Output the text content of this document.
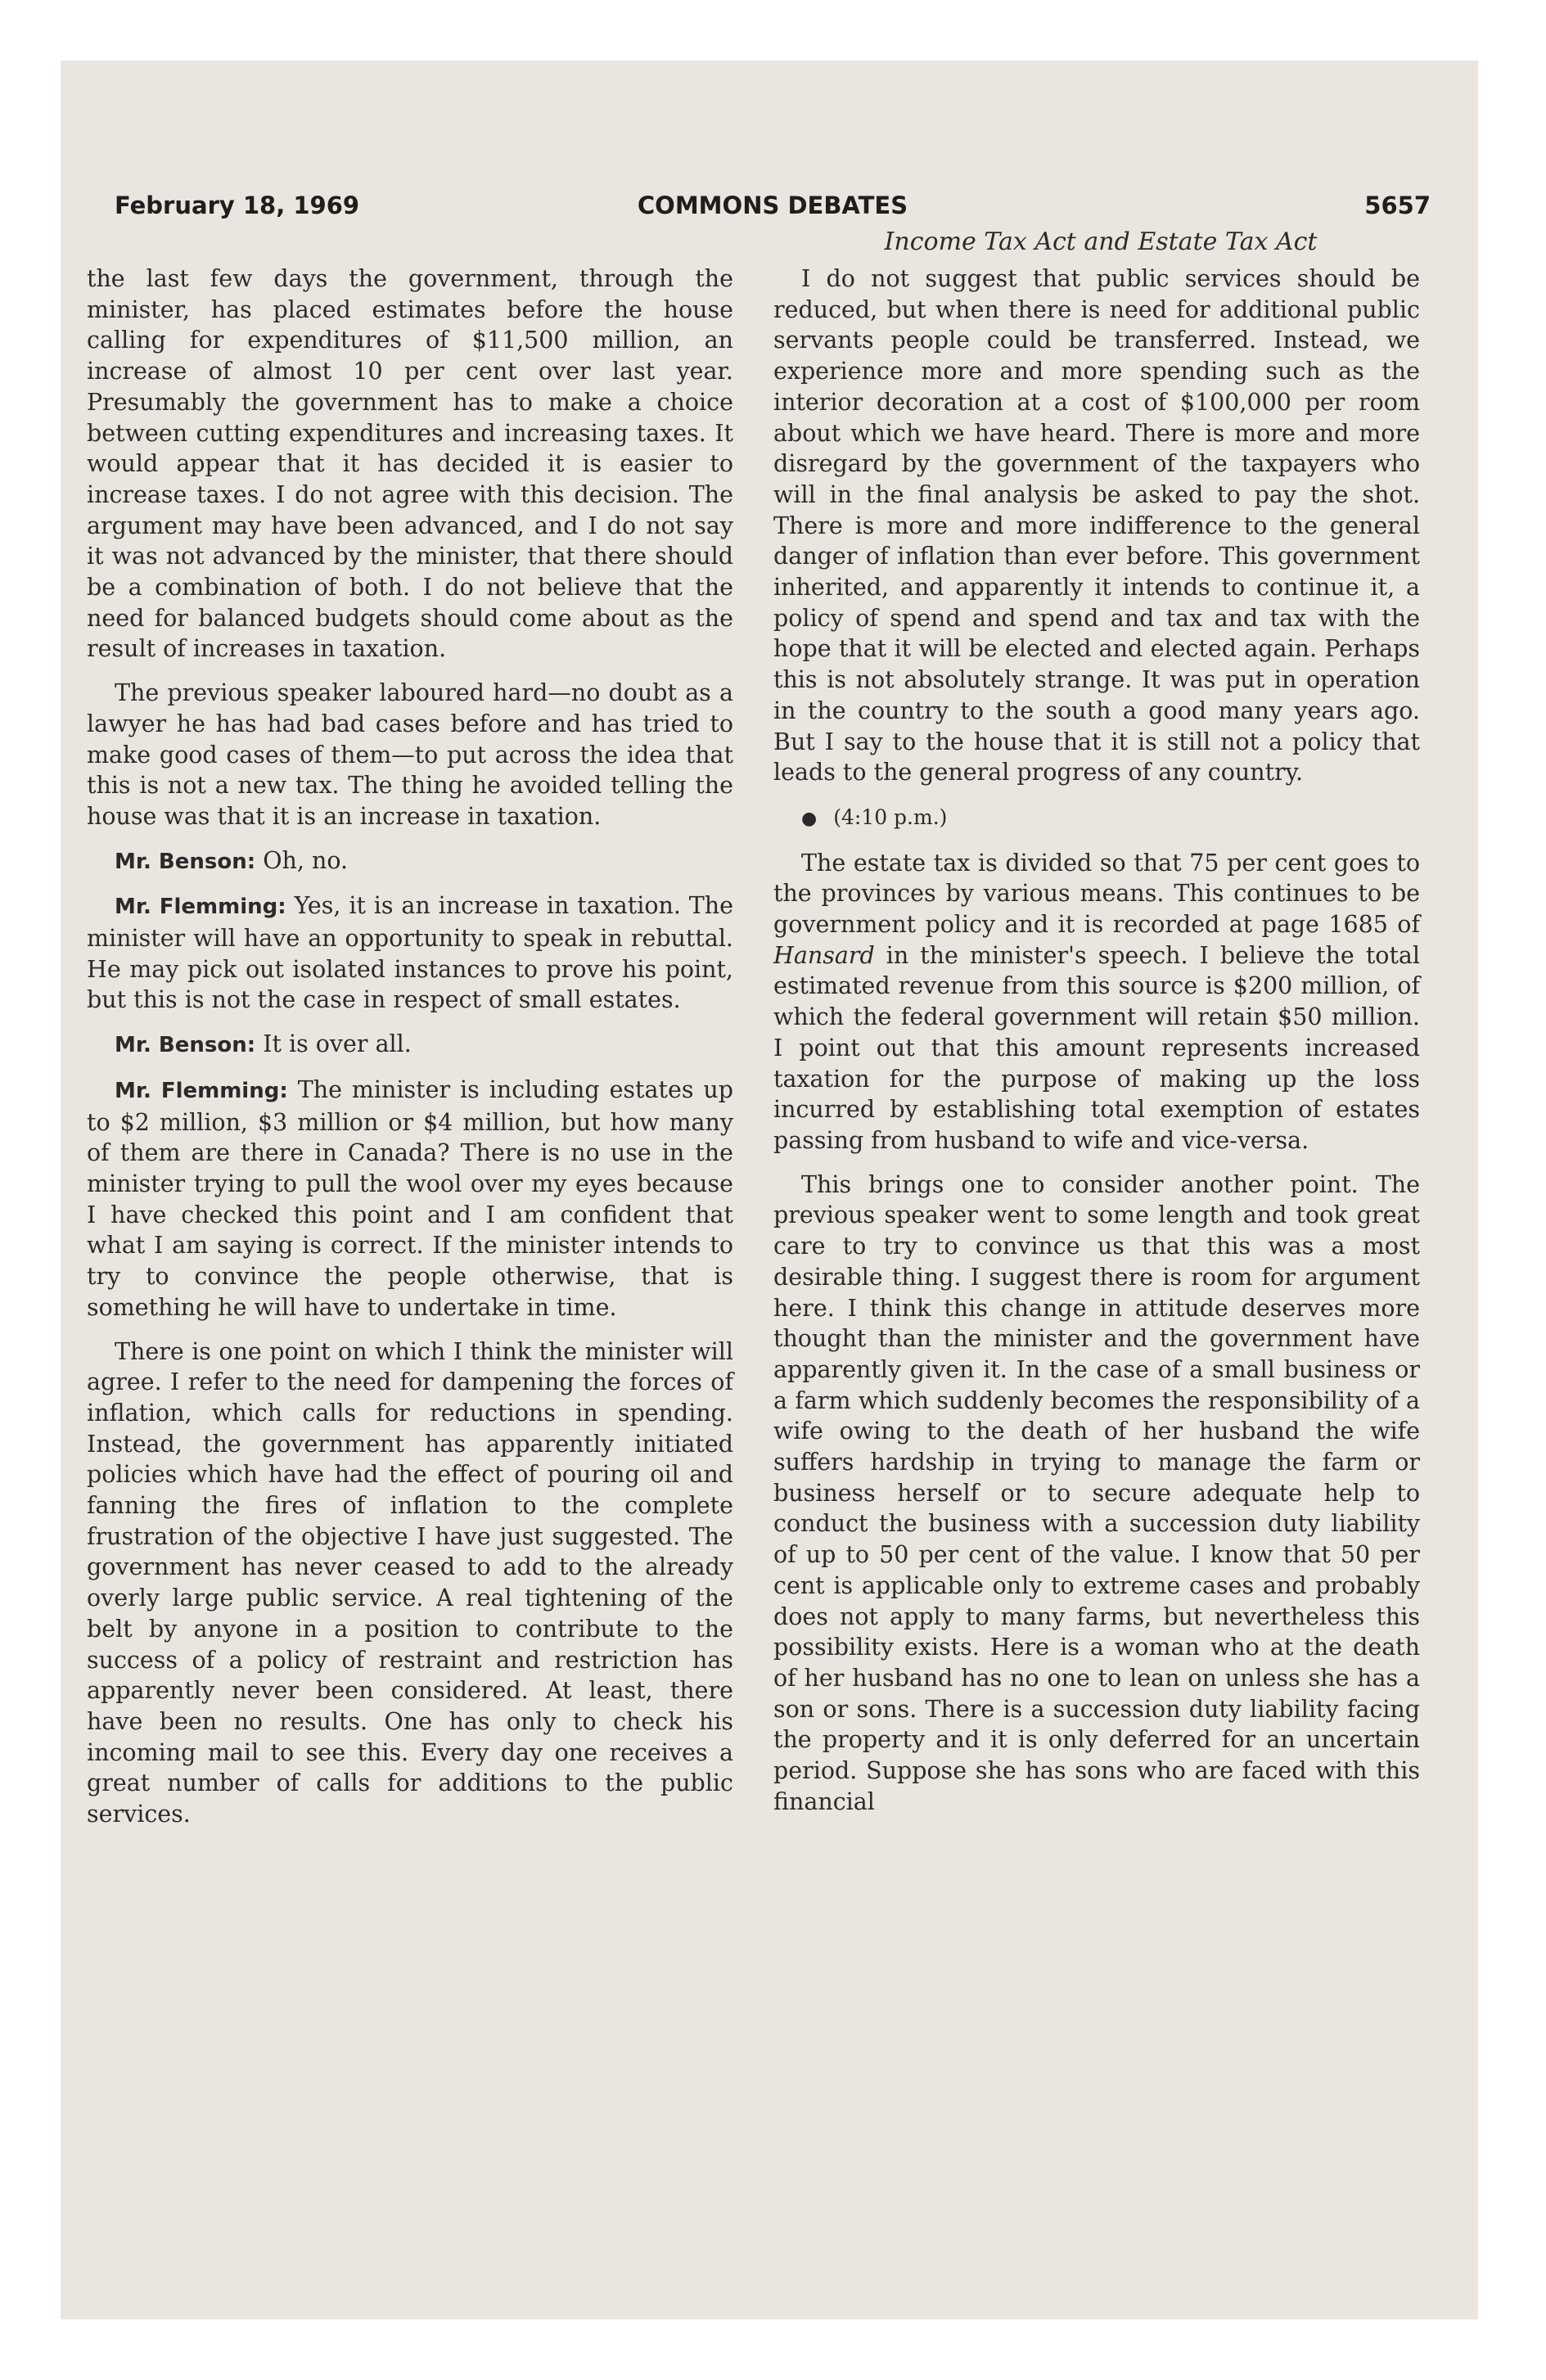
February 18, 1969	COMMONS DEBATES	5657
Income Tax Act and Estate Tax Act

the last few days the government, through the minister, has placed estimates before the house calling for expenditures of $11,500 million, an increase of almost 10 per cent over last year. Presumably the government has to make a choice between cutting expenditures and increasing taxes. It would appear that it has decided it is easier to increase taxes. I do not agree with this decision. The argument may have been advanced, and I do not say it was not advanced by the minister, that there should be a combination of both. I do not believe that the need for balanced budgets should come about as the result of increases in taxation.

The previous speaker laboured hard—no doubt as a lawyer he has had bad cases before and has tried to make good cases of them—to put across the idea that this is not a new tax. The thing he avoided telling the house was that it is an increase in taxation.

Mr. Benson: Oh, no.

Mr. Flemming: Yes, it is an increase in taxation. The minister will have an opportunity to speak in rebuttal. He may pick out isolated instances to prove his point, but this is not the case in respect of small estates.

Mr. Benson: It is over all.

Mr. Flemming: The minister is including estates up to $2 million, $3 million or $4 million, but how many of them are there in Canada? There is no use in the minister trying to pull the wool over my eyes because I have checked this point and I am confident that what I am saying is correct. If the minister intends to try to convince the people otherwise, that is something he will have to undertake in time.

There is one point on which I think the minister will agree. I refer to the need for dampening the forces of inflation, which calls for reductions in spending. Instead, the government has apparently initiated policies which have had the effect of pouring oil and fanning the fires of inflation to the complete frustration of the objective I have just suggested. The government has never ceased to add to the already overly large public service. A real tightening of the belt by anyone in a position to contribute to the success of a policy of restraint and restriction has apparently never been considered. At least, there have been no results. One has only to check his incoming mail to see this. Every day one receives a great number of calls for additions to the public services.

I do not suggest that public services should be reduced, but when there is need for additional public servants people could be transferred. Instead, we experience more and more spending such as the interior decoration at a cost of $100,000 per room about which we have heard. There is more and more disregard by the government of the taxpayers who will in the final analysis be asked to pay the shot. There is more and more indifference to the general danger of inflation than ever before. This government inherited, and apparently it intends to continue it, a policy of spend and spend and tax and tax with the hope that it will be elected and elected again. Perhaps this is not absolutely strange. It was put in operation in the country to the south a good many years ago. But I say to the house that it is still not a policy that leads to the general progress of any country.

● (4:10 p.m.)

The estate tax is divided so that 75 per cent goes to the provinces by various means. This continues to be government policy and it is recorded at page 1685 of Hansard in the minister's speech. I believe the total estimated revenue from this source is $200 million, of which the federal government will retain $50 million. I point out that this amount represents increased taxation for the purpose of making up the loss incurred by establishing total exemption of estates passing from husband to wife and vice-versa.

This brings one to consider another point. The previous speaker went to some length and took great care to try to convince us that this was a most desirable thing. I suggest there is room for argument here. I think this change in attitude deserves more thought than the minister and the government have apparently given it. In the case of a small business or a farm which suddenly becomes the responsibility of a wife owing to the death of her husband the wife suffers hardship in trying to manage the farm or business herself or to secure adequate help to conduct the business with a succession duty liability of up to 50 per cent of the value. I know that 50 per cent is applicable only to extreme cases and probably does not apply to many farms, but nevertheless this possibility exists. Here is a woman who at the death of her husband has no one to lean on unless she has a son or sons. There is a succession duty liability facing the property and it is only deferred for an uncertain period. Suppose she has sons who are faced with this financial
